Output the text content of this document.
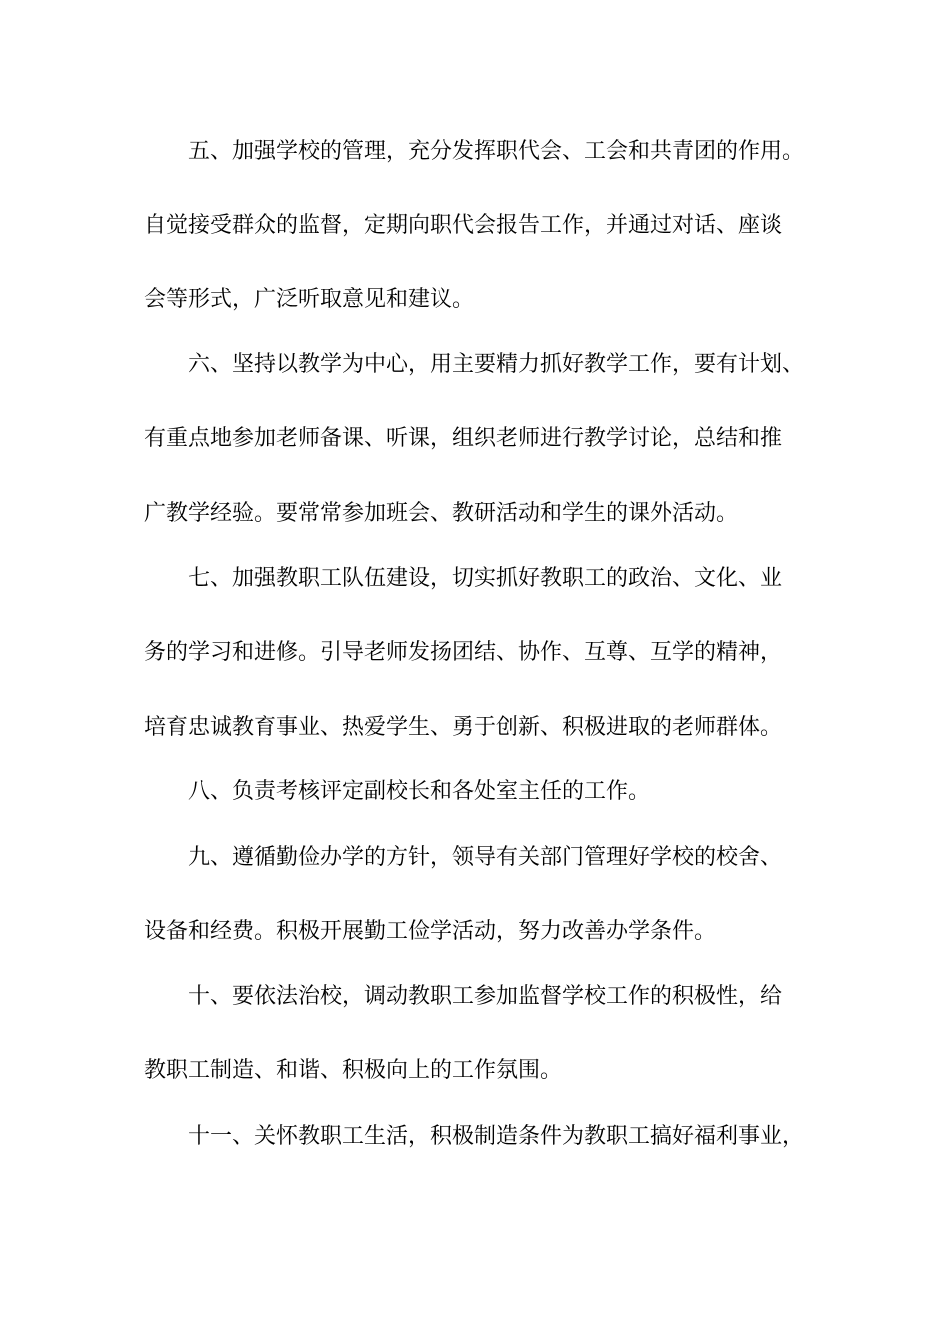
五、加强学校的管理，充分发挥职代会、工会和共青团的作用。
自觉接受群众的监督，定期向职代会报告工作，并通过对话、座谈
会等形式，广泛听取意见和建议。
六、坚持以教学为中心，用主要精力抓好教学工作，要有计划、
有重点地参加老师备课、听课，组织老师进行教学讨论，总结和推
广教学经验。要常常参加班会、教研活动和学生的课外活动。
七、加强教职工队伍建设，切实抓好教职工的政治、文化、业
务的学习和进修。引导老师发扬团结、协作、互尊、互学的精神，
培育忠诚教育事业、热爱学生、勇于创新、积极进取的老师群体。
八、负责考核评定副校长和各处室主任的工作。
九、遵循勤俭办学的方针，领导有关部门管理好学校的校舍、
设备和经费。积极开展勤工俭学活动，努力改善办学条件。
十、要依法治校，调动教职工参加监督学校工作的积极性，给
教职工制造、和谐、积极向上的工作氛围。
十一、关怀教职工生活，积极制造条件为教职工搞好福利事业，
